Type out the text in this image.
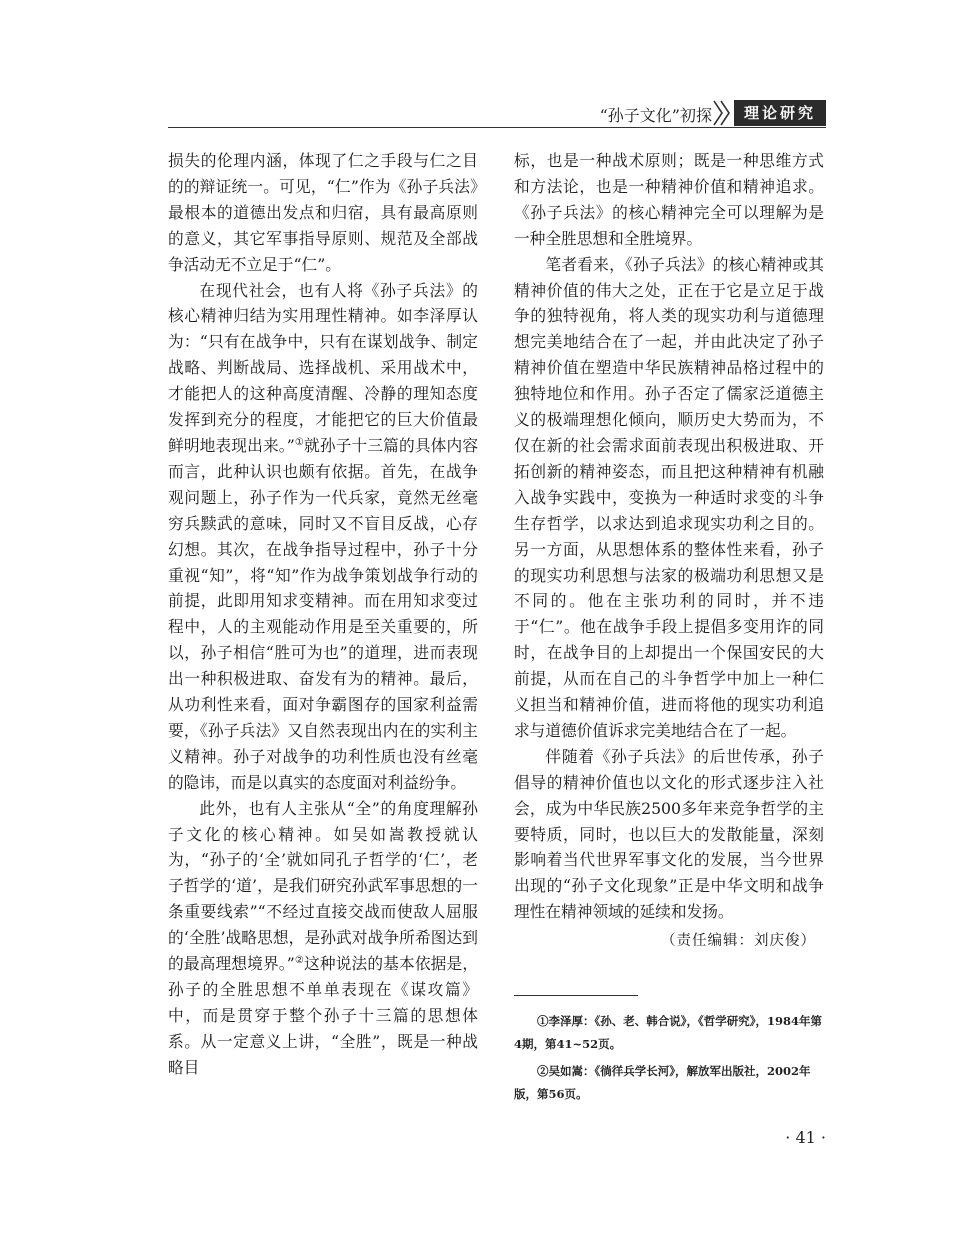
“孙子文化”初探	理论研究

损失的伦理内涵，体现了仁之手段与仁之目的的辩证统一。可见，“仁”作为《孙子兵法》最根本的道德出发点和归宿，具有最高原则的意义，其它军事指导原则、规范及全部战争活动无不立足于“仁”。

在现代社会，也有人将《孙子兵法》的核心精神归结为实用理性精神。如李泽厚认为：“只有在战争中，只有在谋划战争、制定战略、判断战局、选择战机、采用战术中，才能把人的这种高度清醒、冷静的理知态度发挥到充分的程度，才能把它的巨大价值最鲜明地表现出来。”①就孙子十三篇的具体内容而言，此种认识也颇有依据。首先，在战争观问题上，孙子作为一代兵家，竟然无丝毫穷兵黩武的意味，同时又不盲目反战，心存幻想。其次，在战争指导过程中，孙子十分重视“知”，将“知”作为战争策划战争行动的前提，此即用知求变精神。而在用知求变过程中，人的主观能动作用是至关重要的，所以，孙子相信“胜可为也”的道理，进而表现出一种积极进取、奋发有为的精神。最后，从功利性来看，面对争霸图存的国家利益需要，《孙子兵法》又自然表现出内在的实利主义精神。孙子对战争的功利性质也没有丝毫的隐讳，而是以真实的态度面对利益纷争。

此外，也有人主张从“全”的角度理解孙子文化的核心精神。如吴如嵩教授就认为，“孙子的‘全’就如同孔子哲学的‘仁’，老子哲学的‘道’，是我们研究孙武军事思想的一条重要线索”“不经过直接交战而使敌人屈服的‘全胜’战略思想，是孙武对战争所希图达到的最高理想境界。”②这种说法的基本依据是，孙子的全胜思想不单单表现在《谋攻篇》中，而是贯穿于整个孙子十三篇的思想体系。从一定意义上讲，“全胜”，既是一种战略目

标，也是一种战术原则；既是一种思维方式和方法论，也是一种精神价值和精神追求。《孙子兵法》的核心精神完全可以理解为是一种全胜思想和全胜境界。

笔者看来，《孙子兵法》的核心精神或其精神价值的伟大之处，正在于它是立足于战争的独特视角，将人类的现实功利与道德理想完美地结合在了一起，并由此决定了孙子精神价值在塑造中华民族精神品格过程中的独特地位和作用。孙子否定了儒家泛道德主义的极端理想化倾向，顺历史大势而为，不仅在新的社会需求面前表现出积极进取、开拓创新的精神姿态，而且把这种精神有机融入战争实践中，变换为一种适时求变的斗争生存哲学，以求达到追求现实功利之目的。另一方面，从思想体系的整体性来看，孙子的现实功利思想与法家的极端功利思想又是不同的。他在主张功利的同时，并不违于“仁”。他在战争手段上提倡多变用诈的同时，在战争目的上却提出一个保国安民的大前提，从而在自己的斗争哲学中加上一种仁义担当和精神价值，进而将他的现实功利追求与道德价值诉求完美地结合在了一起。

伴随着《孙子兵法》的后世传承，孙子倡导的精神价值也以文化的形式逐步注入社会，成为中华民族2500多年来竞争哲学的主要特质，同时，也以巨大的发散能量，深刻影响着当代世界军事文化的发展，当今世界出现的“孙子文化现象”正是中华文明和战争理性在精神领域的延续和发扬。

（责任编辑：刘庆俊）

①李泽厚：《孙、老、韩合说》，《哲学研究》，1984年第4期，第41~52页。

②吴如嵩：《徜徉兵学长河》，解放军出版社，2002年版，第56页。

· 41 ·
